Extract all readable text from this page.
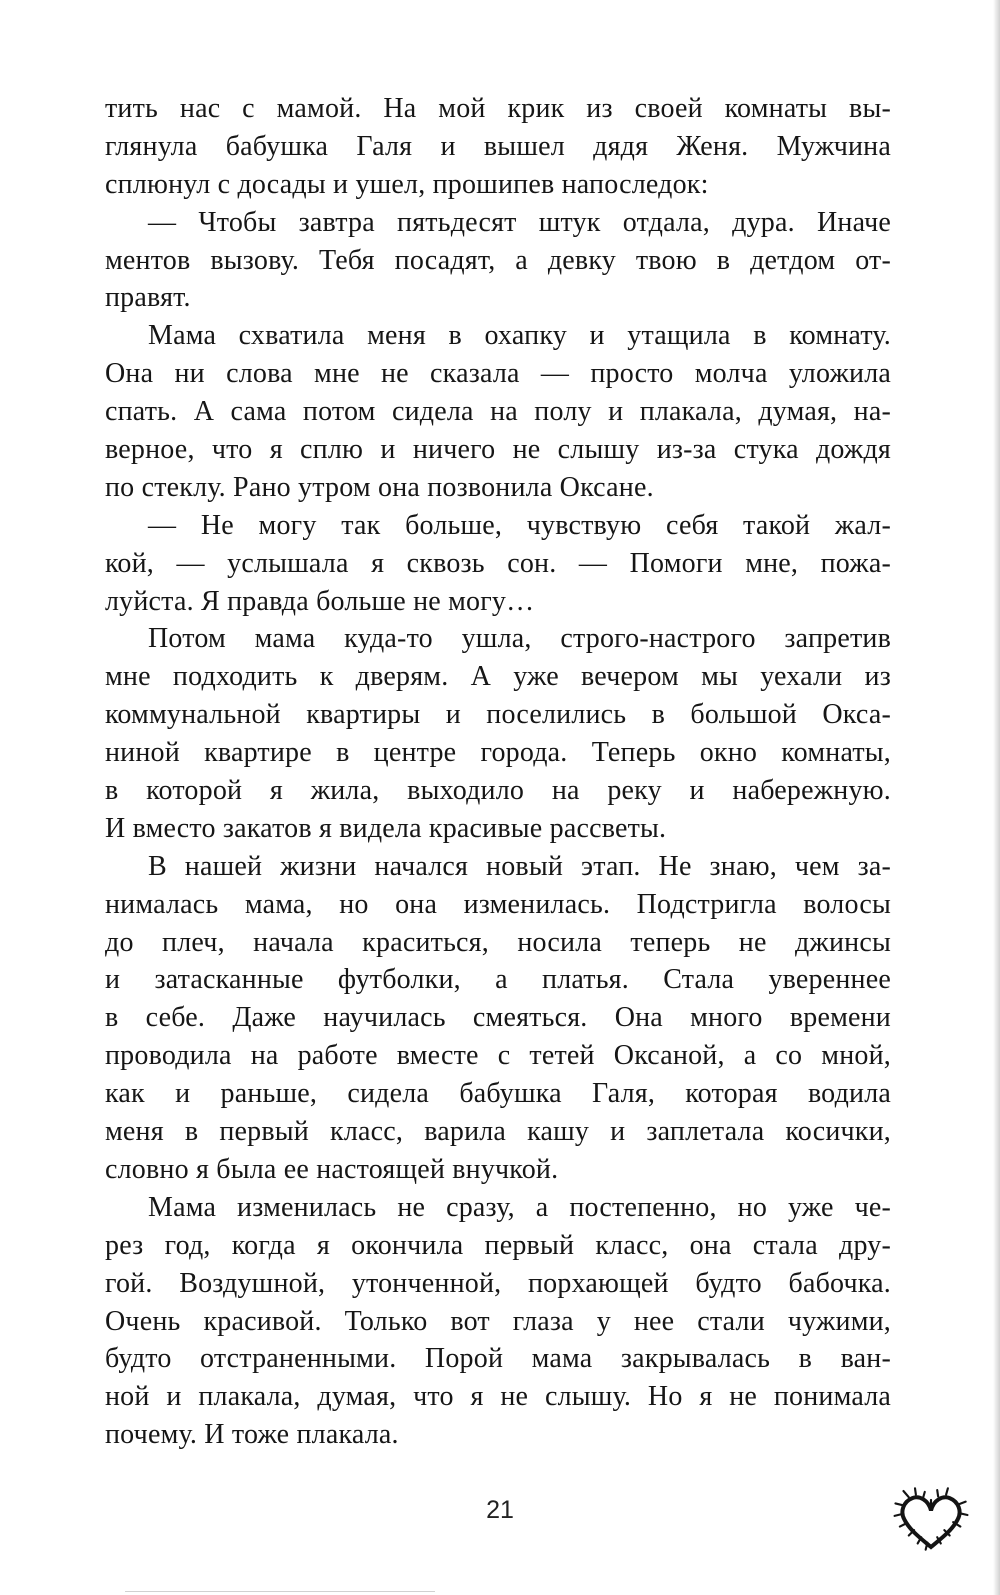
тить нас с мамой. На мой крик из своей комнаты вы-
глянула бабушка Галя и вышел дядя Женя. Мужчина
сплюнул с досады и ушел, прошипев напоследок:
— Чтобы завтра пятьдесят штук отдала, дура. Иначе
ментов вызову. Тебя посадят, а девку твою в детдом от-
правят.
Мама схватила меня в охапку и утащила в комнату.
Она ни слова мне не сказала — просто молча уложила
спать. А сама потом сидела на полу и плакала, думая, на-
верное, что я сплю и ничего не слышу из-за стука дождя
по стеклу. Рано утром она позвонила Оксане.
— Не могу так больше, чувствую себя такой жал-
кой, — услышала я сквозь сон. — Помоги мне, пожа-
луйста. Я правда больше не могу…
Потом мама куда-то ушла, строго-настрого запретив
мне подходить к дверям. А уже вечером мы уехали из
коммунальной квартиры и поселились в большой Окса-
ниной квартире в центре города. Теперь окно комнаты,
в которой я жила, выходило на реку и набережную.
И вместо закатов я видела красивые рассветы.
В нашей жизни начался новый этап. Не знаю, чем за-
нималась мама, но она изменилась. Подстригла волосы
до плеч, начала краситься, носила теперь не джинсы
и затасканные футболки, а платья. Стала увереннее
в себе. Даже научилась смеяться. Она много времени
проводила на работе вместе с тетей Оксаной, а со мной,
как и раньше, сидела бабушка Галя, которая водила
меня в первый класс, варила кашу и заплетала косички,
словно я была ее настоящей внучкой.
Мама изменилась не сразу, а постепенно, но уже че-
рез год, когда я окончила первый класс, она стала дру-
гой. Воздушной, утонченной, порхающей будто бабочка.
Очень красивой. Только вот глаза у нее стали чужими,
будто отстраненными. Порой мама закрывалась в ван-
ной и плакала, думая, что я не слышу. Но я не понимала
почему. И тоже плакала.
21
